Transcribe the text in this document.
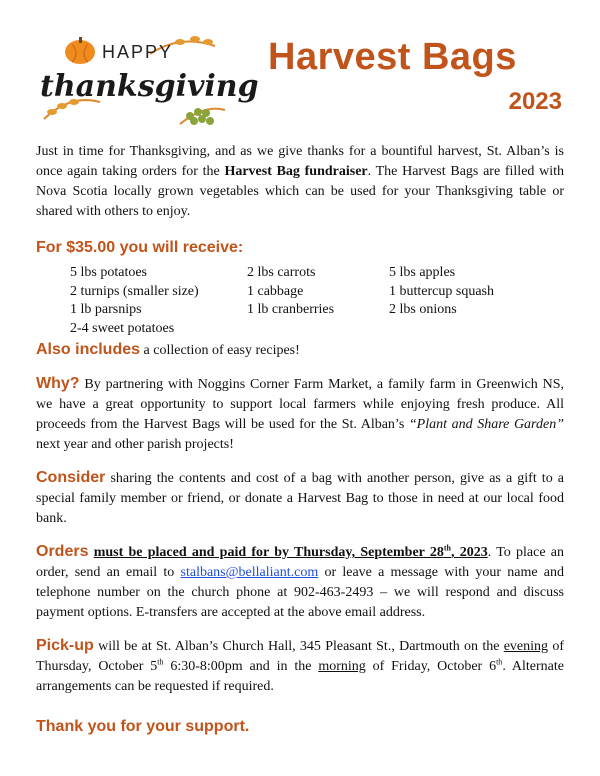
HAPPY
thanksgiving
Harvest Bags
2023

Just in time for Thanksgiving, and as we give thanks for a bountiful harvest, St. Alban’s is once again taking orders for the Harvest Bag fundraiser. The Harvest Bags are filled with Nova Scotia locally grown vegetables which can be used for your Thanksgiving table or shared with others to enjoy.

For $35.00 you will receive:
5 lbs potatoes	2 lbs carrots	5 lbs apples
2 turnips (smaller size)	1 cabbage	1 buttercup squash
1 lb parsnips	1 lb cranberries	2 lbs onions
2-4 sweet potatoes

Also includes a collection of easy recipes!

Why? By partnering with Noggins Corner Farm Market, a family farm in Greenwich NS, we have a great opportunity to support local farmers while enjoying fresh produce. All proceeds from the Harvest Bags will be used for the St. Alban’s “Plant and Share Garden” next year and other parish projects!

Consider sharing the contents and cost of a bag with another person, give as a gift to a special family member or friend, or donate a Harvest Bag to those in need at our local food bank.

Orders must be placed and paid for by Thursday, September 28th, 2023. To place an order, send an email to stalbans@bellaliant.com or leave a message with your name and telephone number on the church phone at 902-463-2493 – we will respond and discuss payment options. E-transfers are accepted at the above email address.

Pick-up will be at St. Alban’s Church Hall, 345 Pleasant St., Dartmouth on the evening of Thursday, October 5th 6:30-8:00pm and in the morning of Friday, October 6th. Alternate arrangements can be requested if required.

Thank you for your support.
